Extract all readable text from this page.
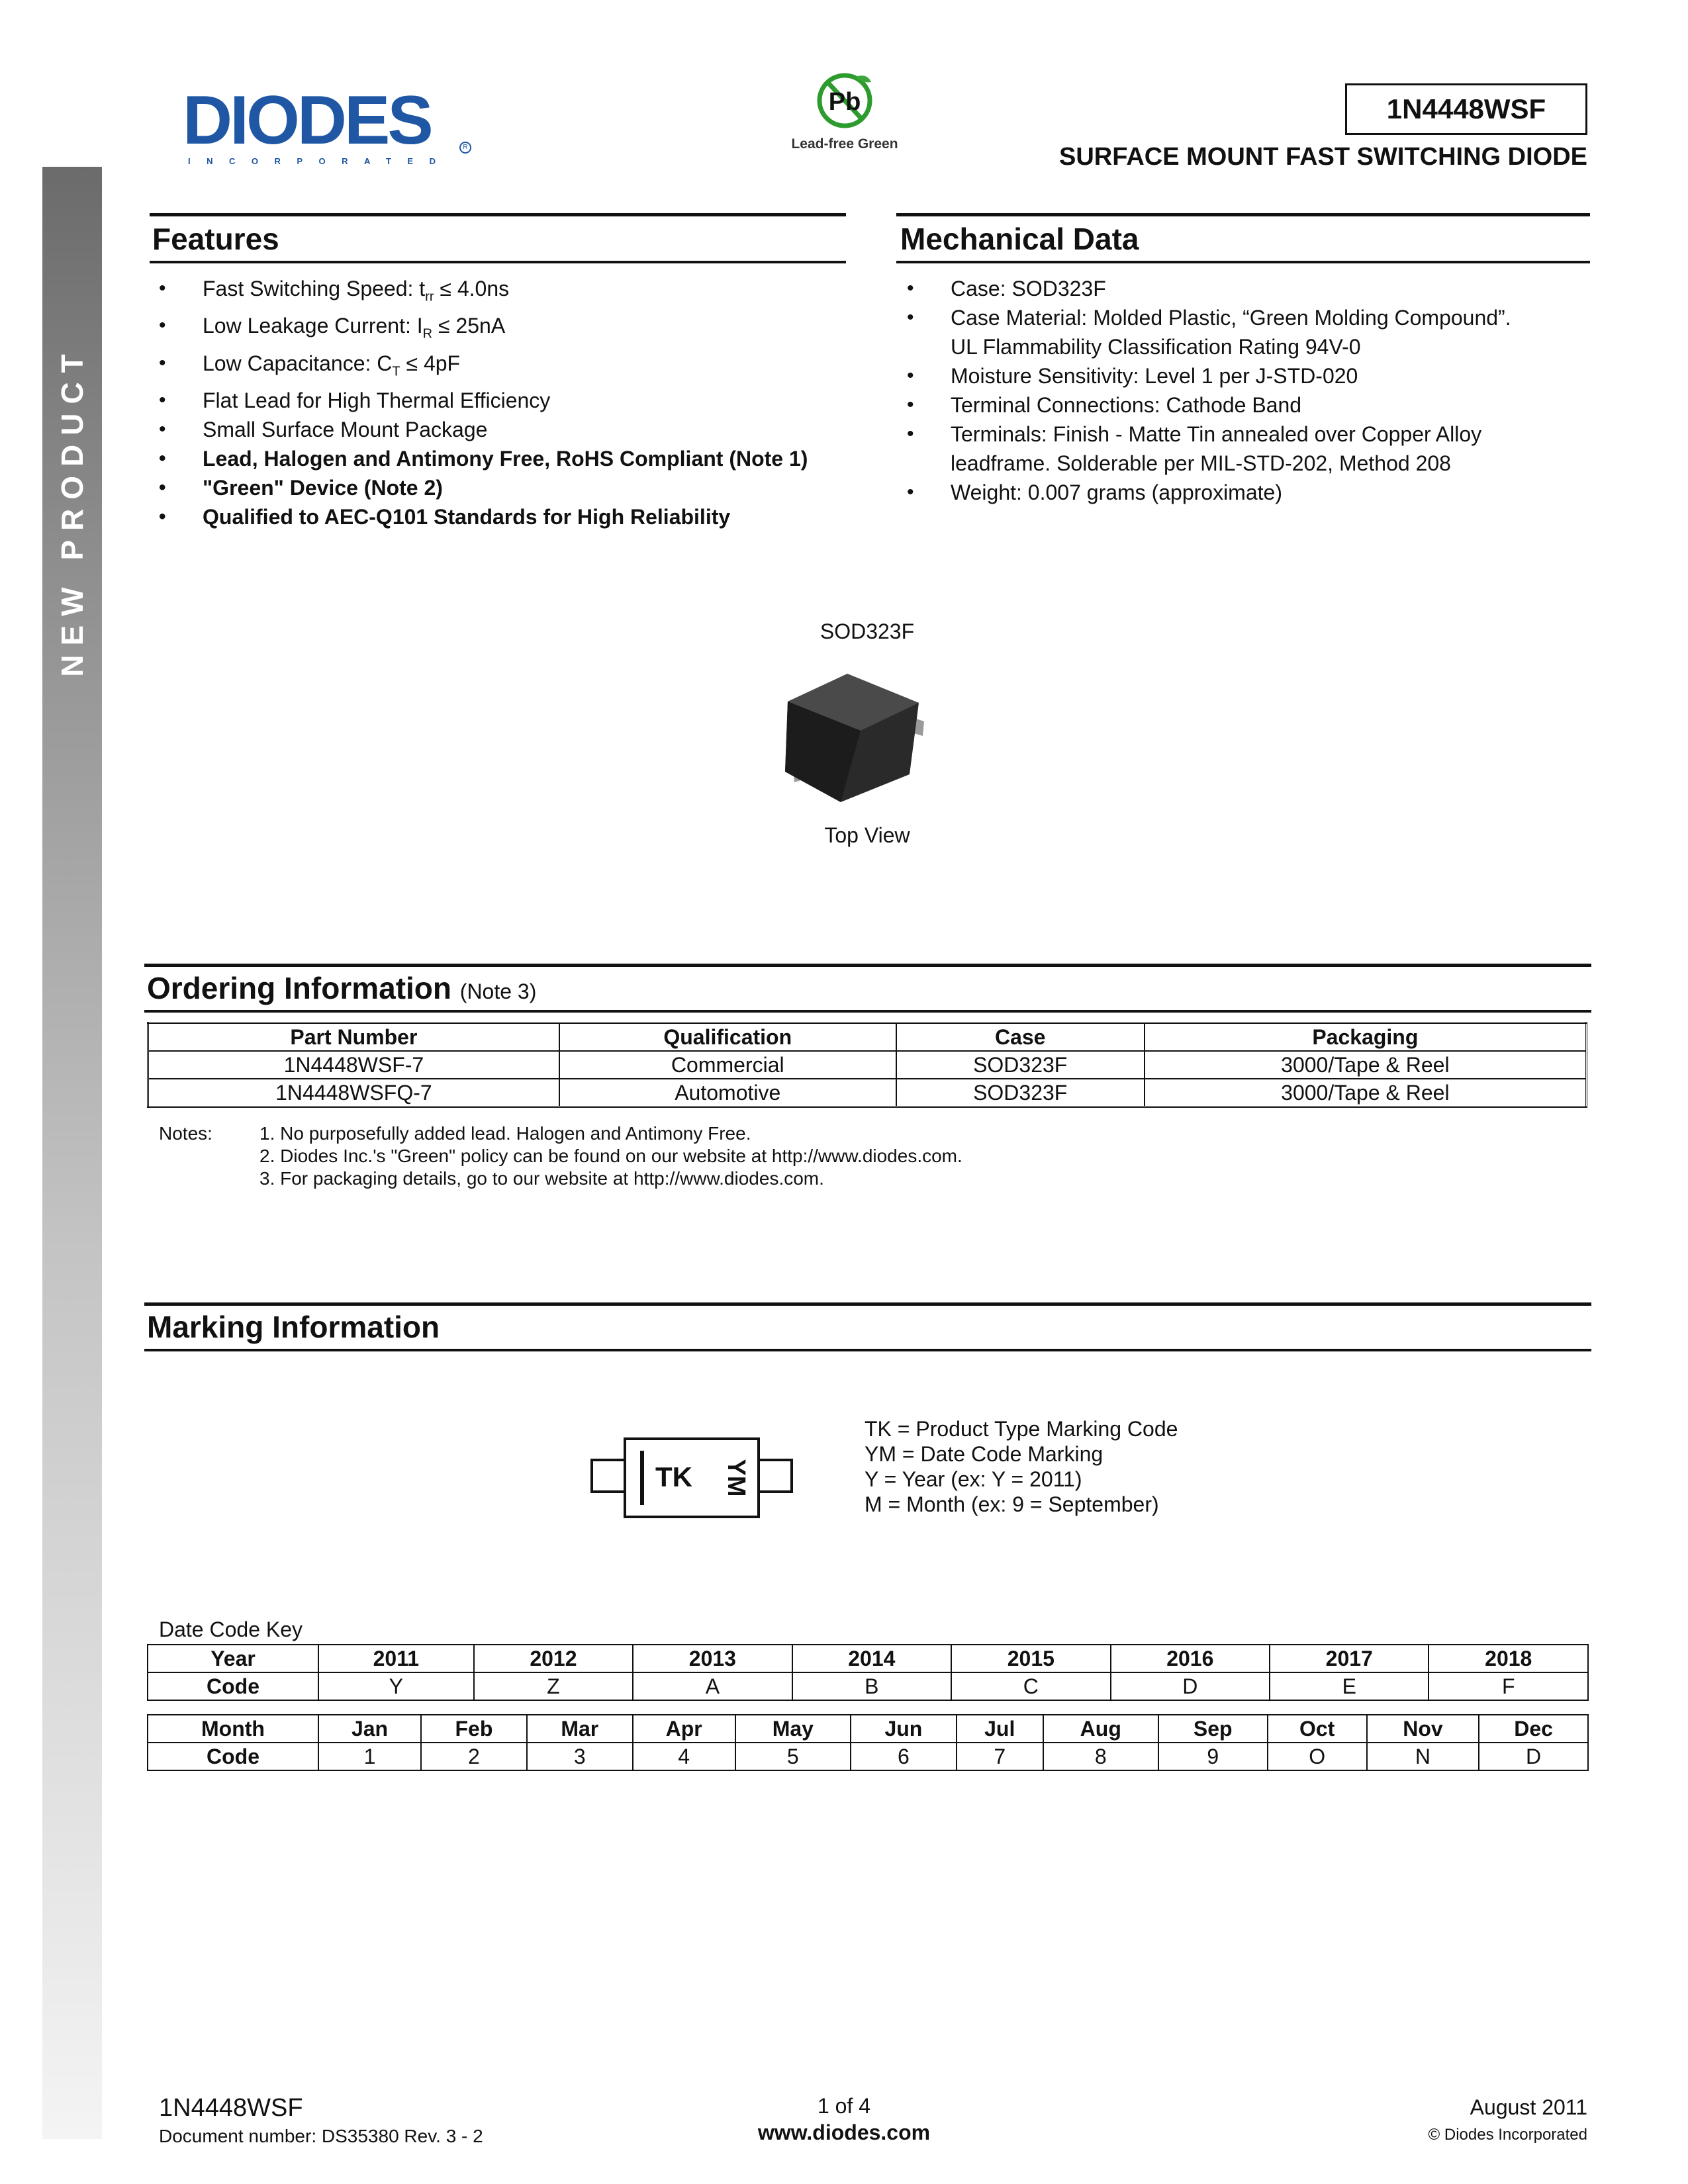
NEW PRODUCT
DIODES
INCORPORATED
R
Pb
Lead-free Green
1N4448WSF
SURFACE MOUNT FAST SWITCHING DIODE
Features
• Fast Switching Speed: $t_{rr} \le 4.0ns$
• Low Leakage Current: $I_R \le 25nA$
• Low Capacitance: $C_T \le 4pF$
• Flat Lead for High Thermal Efficiency
• Small Surface Mount Package
• Lead, Halogen and Antimony Free, RoHS Compliant (Note 1)
• "Green" Device (Note 2)
• Qualified to AEC-Q101 Standards for High Reliability
Mechanical Data
• Case: SOD323F
• Case Material: Molded Plastic, “Green Molding Compound”.
UL Flammability Classification Rating 94V-0
• Moisture Sensitivity: Level 1 per J-STD-020
• Terminal Connections: Cathode Band
• Terminals: Finish - Matte Tin annealed over Copper Alloy
leadframe. Solderable per MIL-STD-202, Method 208
• Weight: 0.007 grams (approximate)
SOD323F
Top View
Ordering Information (Note 3)
Part Number	Qualification	Case	Packaging
1N4448WSF-7	Commercial	SOD323F	3000/Tape & Reel
1N4448WSFQ-7	Automotive	SOD323F	3000/Tape & Reel
Notes:	1. No purposefully added lead. Halogen and Antimony Free.
2. Diodes Inc.'s "Green" policy can be found on our website at http://www.diodes.com.
3. For packaging details, go to our website at http://www.diodes.com.
Marking Information
TK YM
TK = Product Type Marking Code
YM = Date Code Marking
Y = Year (ex: Y = 2011)
M = Month (ex: 9 = September)
Date Code Key
Year	2011	2012	2013	2014	2015	2016	2017	2018
Code	Y	Z	A	B	C	D	E	F
Month	Jan	Feb	Mar	Apr	May	Jun	Jul	Aug	Sep	Oct	Nov	Dec
Code	1	2	3	4	5	6	7	8	9	O	N	D
1N4448WSF
Document number: DS35380 Rev. 3 - 2
1 of 4
www.diodes.com
August 2011
© Diodes Incorporated
